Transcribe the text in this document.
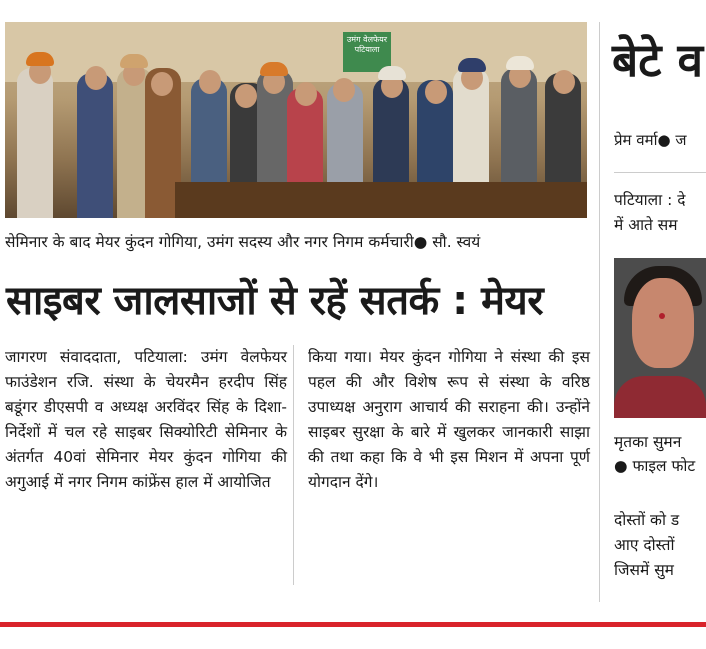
उमंग वेलफेयर पटियाला
सेमिनार के बाद मेयर कुंदन गोगिया, उमंग सदस्य और नगर निगम कर्मचारी● सौ. स्वयं
साइबर जालसाजों से रहें सतर्क : मेयर

जागरण संवाददाता, पटियाला: उमंग वेलफेयर फाउंडेशन रजि. संस्था के चेयरमैन हरदीप सिंह बडूंगर डीएसपी व अध्यक्ष अरविंदर सिंह के दिशा-निर्देशों में चल रहे साइबर सिक्योरिटी सेमिनार के अंतर्गत 40वां सेमिनार मेयर कुंदन गोगिया की अगुआई में नगर निगम कांफ्रेंस हाल में आयोजित

किया गया। मेयर कुंदन गोगिया ने संस्था की इस पहल की और विशेष रूप से संस्था के वरिष्ठ उपाध्यक्ष अनुराग आचार्य की सराहना की। उन्होंने साइबर सुरक्षा के बारे में खुलकर जानकारी साझा की तथा कहा कि वे भी इस मिशन में अपना पूर्ण योगदान देंगे।

बेटे व
प्रेम वर्मा● ज
पटियाला : दे
में आते सम
मृतका सुमन
● फाइल फोट
दोस्तों को ड
आए दोस्तों
जिसमें सुम
